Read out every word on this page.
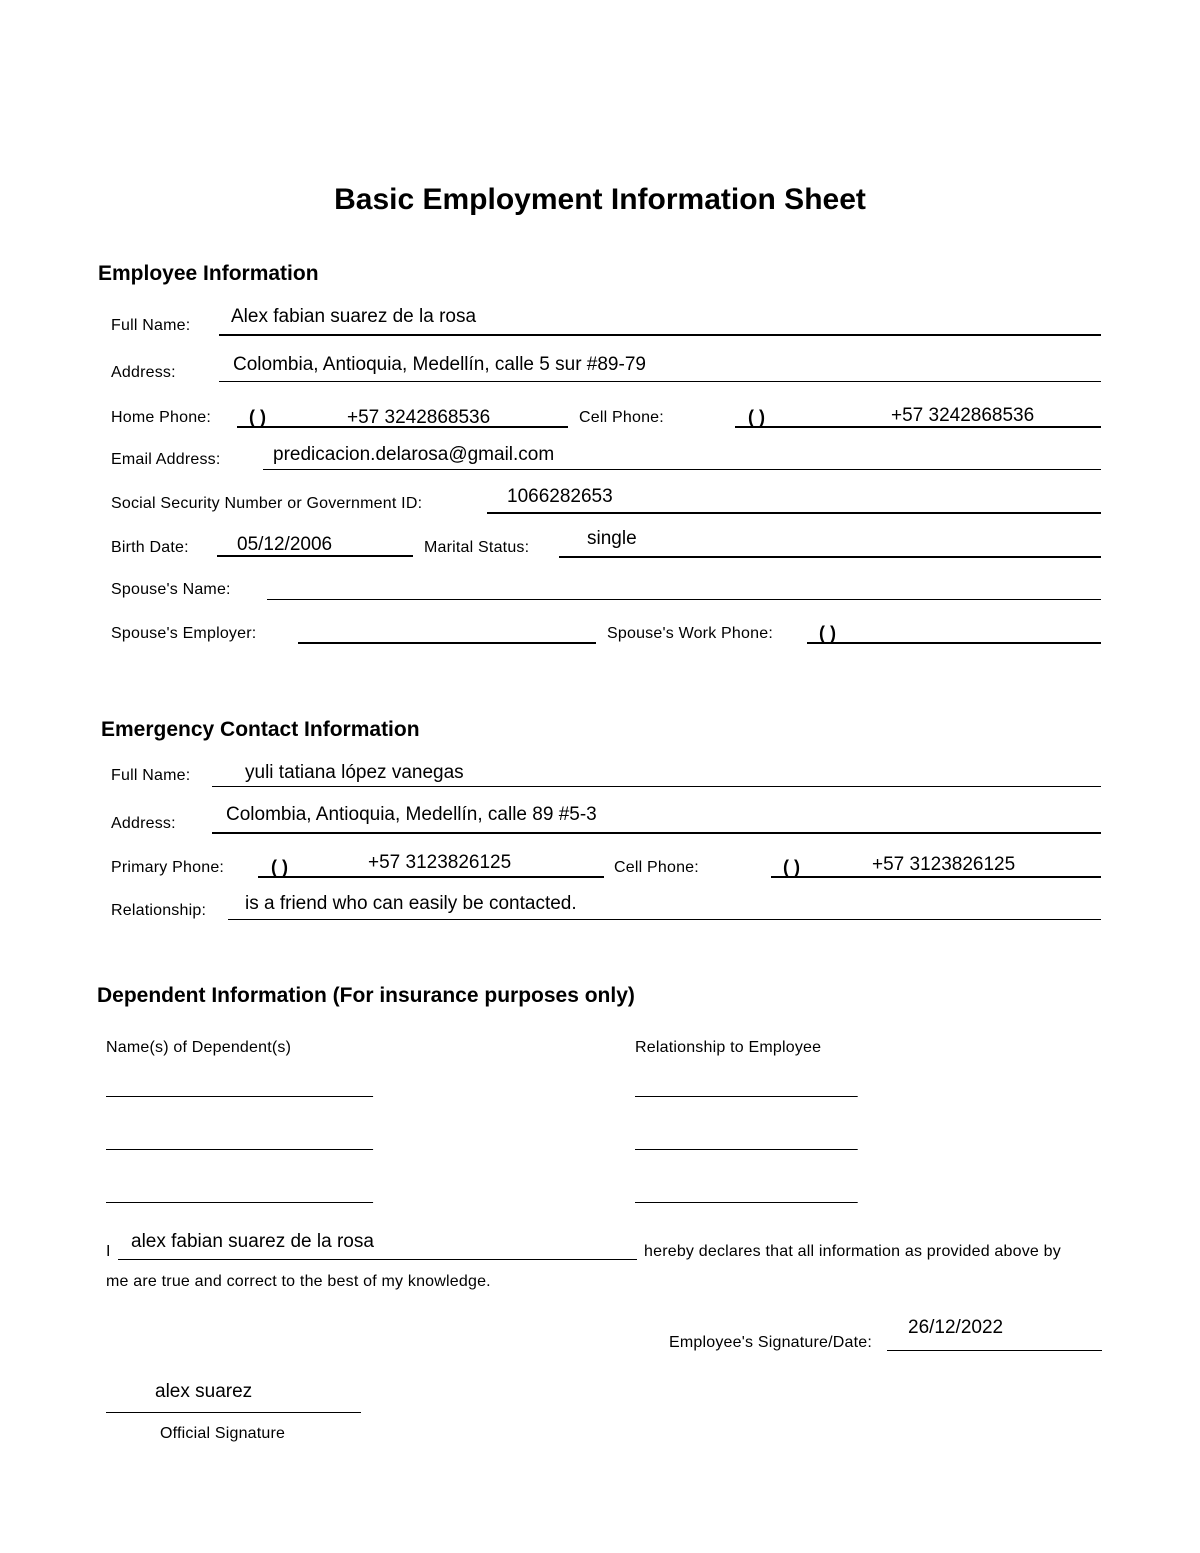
Basic Employment Information Sheet
Employee Information
Full Name: Alex fabian suarez de la rosa
Address:	Colombia, Antioquia, Medellín, calle 5 sur #89-79
Home Phone: ( )	+57 3242868536	Cell Phone:	( )	+57 3242868536
Email Address:	predicacion.delarosa@gmail.com
Social Security Number or Government ID:	1066282653
Birth Date:	05/12/2006	Marital Status:	single
Spouse's Name:
Spouse's Employer:	Spouse's Work Phone:	( )
Emergency Contact Information
Full Name:	yuli tatiana lópez vanegas
Address:	Colombia, Antioquia, Medellín, calle 89 #5-3
Primary Phone:	( )	+57 3123826125	Cell Phone:	( )	+57 3123826125
Relationship: is a friend who can easily be contacted.
Dependent Information (For insurance purposes only)
Name(s) of Dependent(s)	Relationship to Employee
______________________________	_________________________
______________________________	_________________________
______________________________	_________________________
I alex fabian suarez de la rosa	hereby declares that all information as provided above by
me are true and correct to the best of my knowledge.
Employee's Signature/Date:
26/12/2022
alex suarez
Official Signature
